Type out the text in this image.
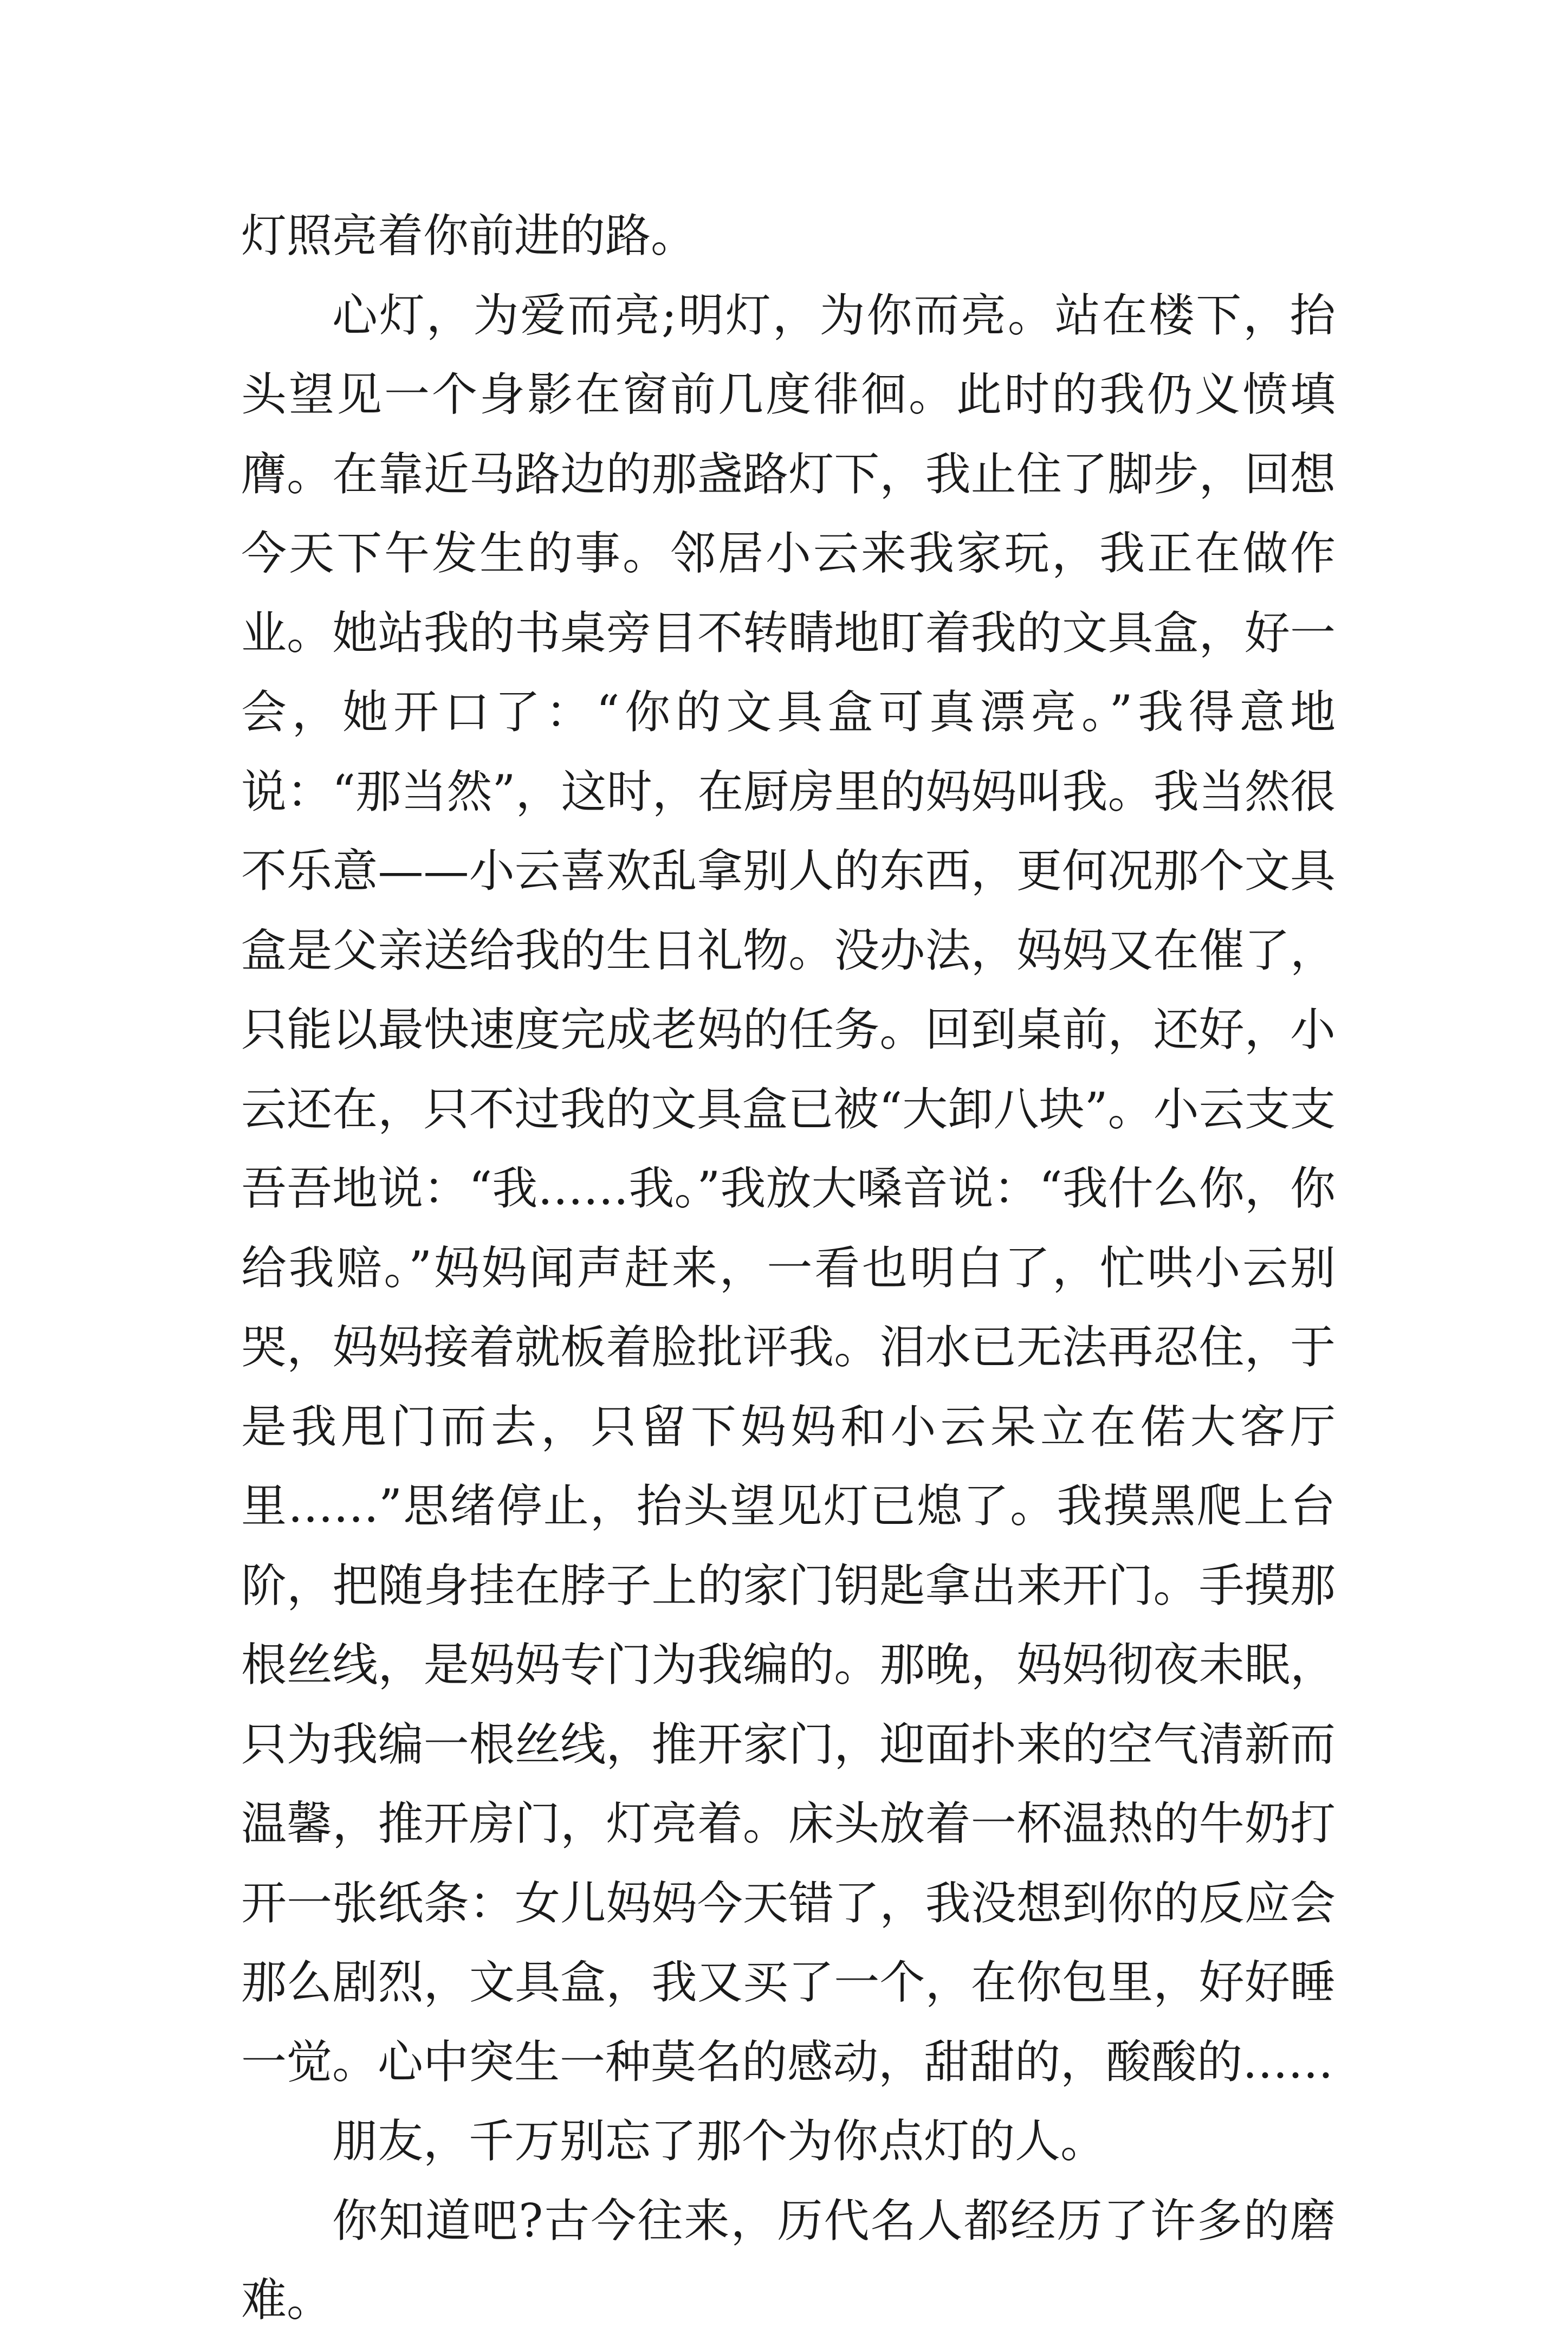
灯照亮着你前进的路。

心灯，为爱而亮;明灯，为你而亮。站在楼下，抬头望见一个身影在窗前几度徘徊。此时的我仍义愤填膺。在靠近马路边的那盏路灯下，我止住了脚步，回想今天下午发生的事。邻居小云来我家玩，我正在做作业。她站我的书桌旁目不转睛地盯着我的文具盒，好一会，她开口了：“你的文具盒可真漂亮。”我得意地说：“那当然”，这时，在厨房里的妈妈叫我。我当然很不乐意——小云喜欢乱拿别人的东西，更何况那个文具盒是父亲送给我的生日礼物。没办法，妈妈又在催了，只能以最快速度完成老妈的任务。回到桌前，还好，小云还在，只不过我的文具盒已被“大卸八块”。小云支支吾吾地说：“我……我。”我放大嗓音说：“我什么你，你给我赔。”妈妈闻声赶来，一看也明白了，忙哄小云别哭，妈妈接着就板着脸批评我。泪水已无法再忍住，于是我甩门而去，只留下妈妈和小云呆立在偌大客厅里……”思绪停止，抬头望见灯已熄了。我摸黑爬上台阶，把随身挂在脖子上的家门钥匙拿出来开门。手摸那根丝线，是妈妈专门为我编的。那晚，妈妈彻夜未眠，只为我编一根丝线，推开家门，迎面扑来的空气清新而温馨，推开房门，灯亮着。床头放着一杯温热的牛奶打开一张纸条：女儿妈妈今天错了，我没想到你的反应会那么剧烈，文具盒，我又买了一个，在你包里，好好睡一觉。心中突生一种莫名的感动，甜甜的，酸酸的……

朋友，千万别忘了那个为你点灯的人。

你知道吧?古今往来，历代名人都经历了许多的磨难。
